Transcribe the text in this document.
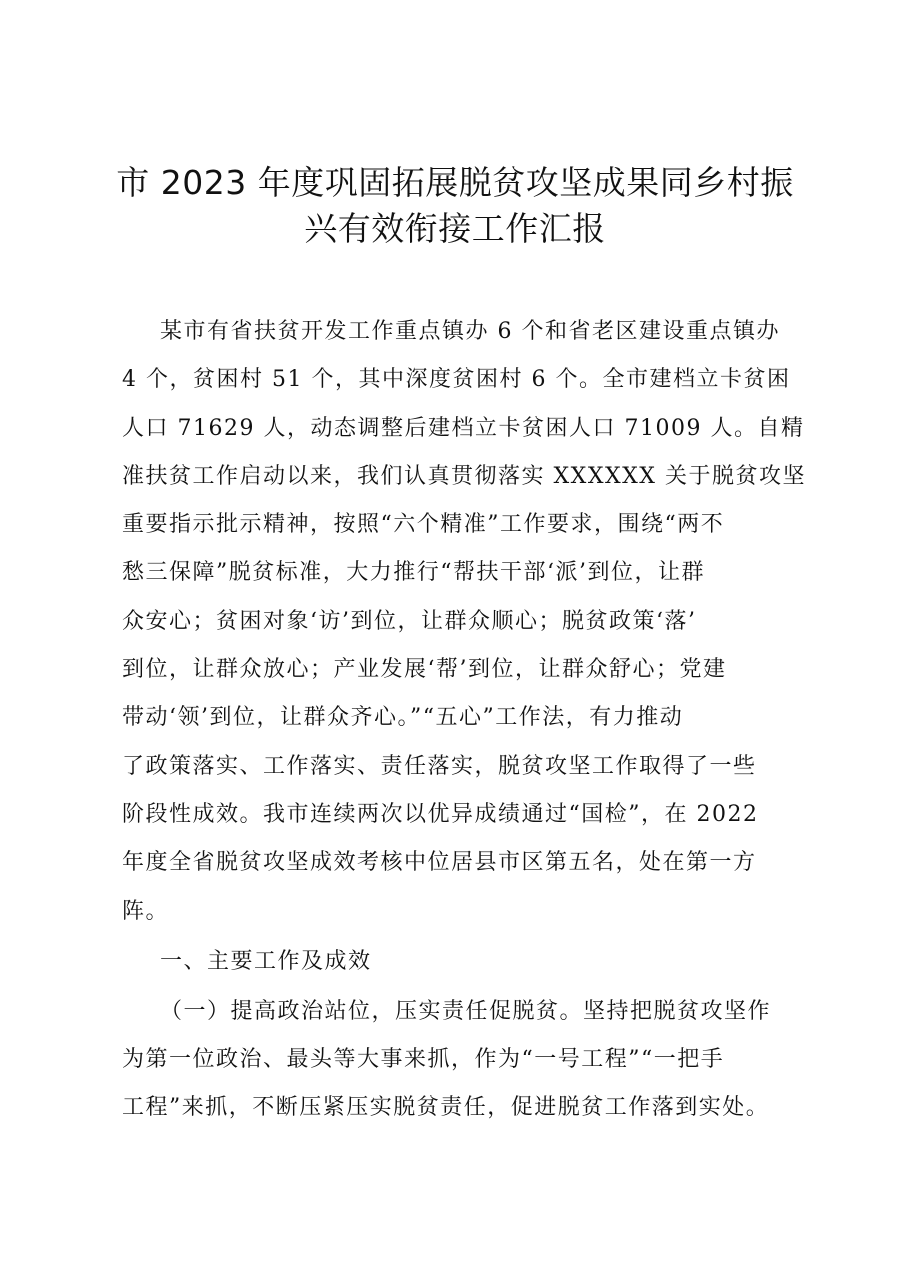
市 2023 年度巩固拓展脱贫攻坚成果同乡村振
兴有效衔接工作汇报

某市有省扶贫开发工作重点镇办 6 个和省老区建设重点镇办
4 个，贫困村 51 个，其中深度贫困村 6 个。全市建档立卡贫困
人口 71629 人，动态调整后建档立卡贫困人口 71009 人。自精
准扶贫工作启动以来，我们认真贯彻落实 XXXXXX 关于脱贫攻坚
重要指示批示精神，按照“六个精准”工作要求，围绕“两不
愁三保障”脱贫标准，大力推行“帮扶干部‘派’到位，让群
众安心；贫困对象‘访’到位，让群众顺心；脱贫政策‘落’
到位，让群众放心；产业发展‘帮’到位，让群众舒心；党建
带动‘领’到位，让群众齐心。”“五心”工作法，有力推动
了政策落实、工作落实、责任落实，脱贫攻坚工作取得了一些
阶段性成效。我市连续两次以优异成绩通过“国检”，在 2022
年度全省脱贫攻坚成效考核中位居县市区第五名，处在第一方
阵。

一、主要工作及成效

（一）提高政治站位，压实责任促脱贫。坚持把脱贫攻坚作
为第一位政治、最头等大事来抓，作为“一号工程”“一把手
工程”来抓，不断压紧压实脱贫责任，促进脱贫工作落到实处。
